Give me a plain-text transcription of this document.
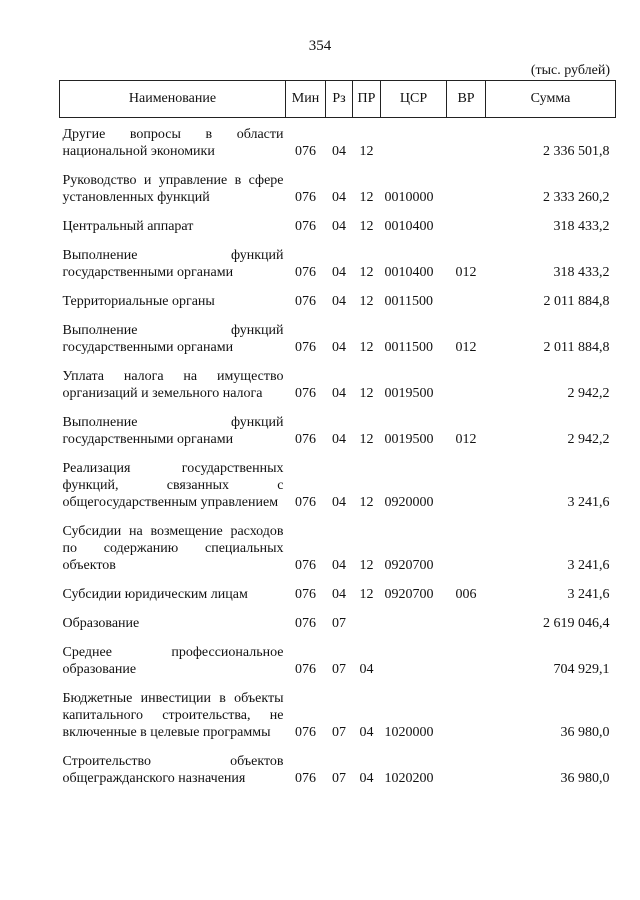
354
(тыс. рублей)
Наименование	Мин	Рз	ПР	ЦСР	ВР	Сумма

Другие вопросы в области национальной экономики	076	04	12			2 336 501,8

Руководство и управление в сфере установленных функций	076	04	12	0010000		2 333 260,2

Центральный аппарат	076	04	12	0010400		318 433,2

Выполнение функций государственными органами	076	04	12	0010400	012	318 433,2

Территориальные органы	076	04	12	0011500		2 011 884,8

Выполнение функций государственными органами	076	04	12	0011500	012	2 011 884,8

Уплата налога на имущество организаций и земельного налога	076	04	12	0019500		2 942,2

Выполнение функций государственными органами	076	04	12	0019500	012	2 942,2

Реализация государственных функций, связанных с общегосударственным управлением	076	04	12	0920000		3 241,6

Субсидии на возмещение расходов по содержанию специальных объектов	076	04	12	0920700		3 241,6

Субсидии юридическим лицам	076	04	12	0920700	006	3 241,6

Образование	076	07				2 619 046,4

Среднее профессиональное образование	076	07	04			704 929,1

Бюджетные инвестиции в объекты капитального строительства, не включенные в целевые программы	076	07	04	1020000		36 980,0

Строительство объектов общегражданского назначения	076	07	04	1020200		36 980,0
